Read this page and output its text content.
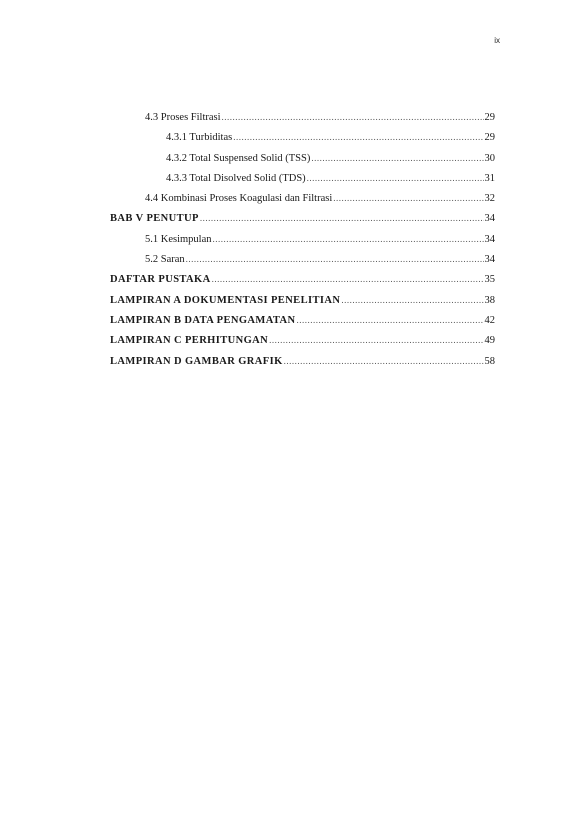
ix
4.3 Proses Filtrasi .....	29
4.3.1 Turbiditas .....	29
4.3.2 Total Suspensed Solid (TSS) .....	30
4.3.3 Total Disolved Solid (TDS) .....	31
4.4 Kombinasi Proses Koagulasi dan Filtrasi .....	32
BAB V PENUTUP .....	34
5.1 Kesimpulan .....	34
5.2 Saran .....	34
DAFTAR PUSTAKA .....	35
LAMPIRAN A DOKUMENTASI PENELITIAN .....	38
LAMPIRAN B DATA PENGAMATAN .....	42
LAMPIRAN C PERHITUNGAN .....	49
LAMPIRAN D GAMBAR GRAFIK .....	58
